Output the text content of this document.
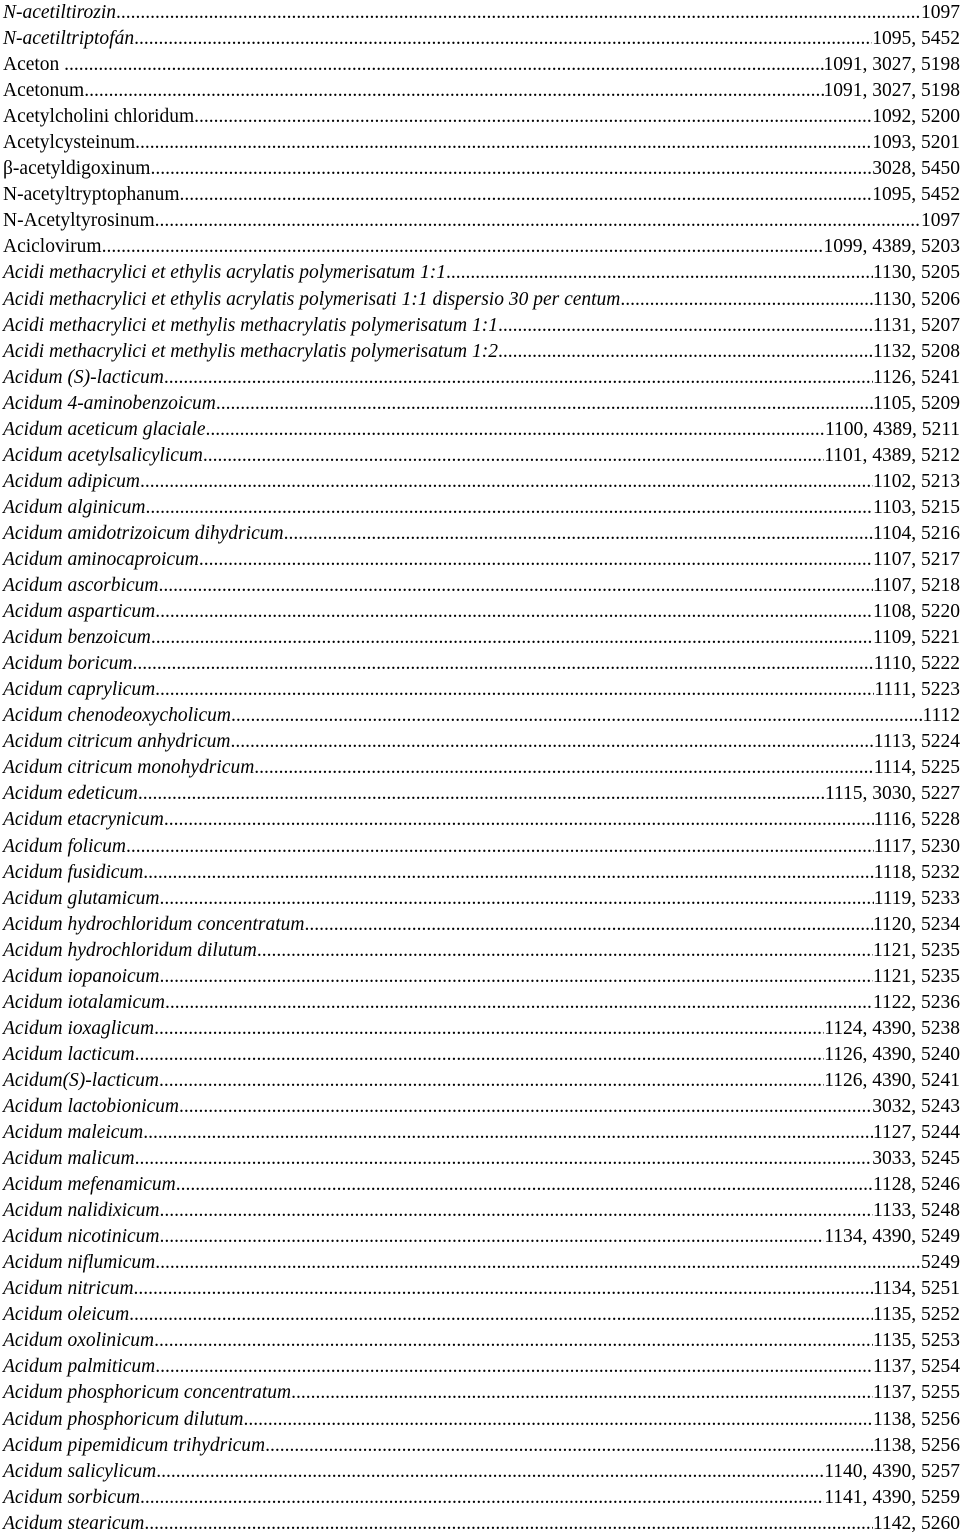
N-acetiltirozin .....	1097
N-acetiltriptofán .....	1095, 5452
Aceton .... .....	1091, 3027, 5198
Acetonum. .....	1091, 3027, 5198
Acetylcholini chloridum .....	1092, 5200
Acetylcysteinum .....	1093, 5201
β-acetyldigoxinum .....	3028, 5450
N-acetyltryptophanum .....	1095, 5452
N-Acetyltyrosinum .....	1097
Aciclovirum .....	1099, 4389, 5203
Acidi methacrylici et ethylis acrylatis polymerisatum 1:1 .....	1130, 5205
Acidi methacrylici et ethylis acrylatis polymerisati 1:1 dispersio 30 per centum .....	1130, 5206
Acidi methacrylici et methylis methacrylatis polymerisatum 1:1 .....	1131, 5207
Acidi methacrylici et methylis methacrylatis polymerisatum 1:2 .....	1132, 5208
Acidum (S)-lacticum .....	1126, 5241
Acidum 4-aminobenzoicum .....	1105, 5209
Acidum aceticum glaciale .....	1100, 4389, 5211
Acidum acetylsalicylicum .....	1101, 4389, 5212
Acidum adipicum .....	1102, 5213
Acidum alginicum .....	1103, 5215
Acidum amidotrizoicum dihydricum .....	1104, 5216
Acidum aminocaproicum .....	1107, 5217
Acidum ascorbicum .....	1107, 5218
Acidum asparticum .....	1108, 5220
Acidum benzoicum .....	1109, 5221
Acidum boricum .....	1110, 5222
Acidum caprylicum .....	1111, 5223
Acidum chenodeoxycholicum .....	1112
Acidum citricum anhydricum .....	1113, 5224
Acidum citricum monohydricum .....	1114, 5225
Acidum edeticum .....	1115, 3030, 5227
Acidum etacrynicum .....	1116, 5228
Acidum folicum .....	1117, 5230
Acidum fusidicum .....	1118, 5232
Acidum glutamicum .....	1119, 5233
Acidum hydrochloridum concentratum .....	1120, 5234
Acidum hydrochloridum dilutum .....	1121, 5235
Acidum iopanoicum .....	1121, 5235
Acidum iotalamicum .....	1122, 5236
Acidum ioxaglicum .....	1124, 4390, 5238
Acidum lacticum .....	1126, 4390, 5240
Acidum(S)-lacticum .....	1126, 4390, 5241
Acidum lactobionicum .....	3032, 5243
Acidum maleicum .....	1127, 5244
Acidum malicum .....	3033, 5245
Acidum mefenamicum .....	1128, 5246
Acidum nalidixicum .....	1133, 5248
Acidum nicotinicum .....	1134, 4390, 5249
Acidum niflumicum .....	5249
Acidum nitricum .....	1134, 5251
Acidum oleicum .....	1135, 5252
Acidum oxolinicum .....	1135, 5253
Acidum palmiticum .....	1137, 5254
Acidum phosphoricum concentratum .....	1137, 5255
Acidum phosphoricum dilutum .....	1138, 5256
Acidum pipemidicum trihydricum .....	1138, 5256
Acidum salicylicum .....	1140, 4390, 5257
Acidum sorbicum .....	1141, 4390, 5259
Acidum stearicum .....	1142, 5260
